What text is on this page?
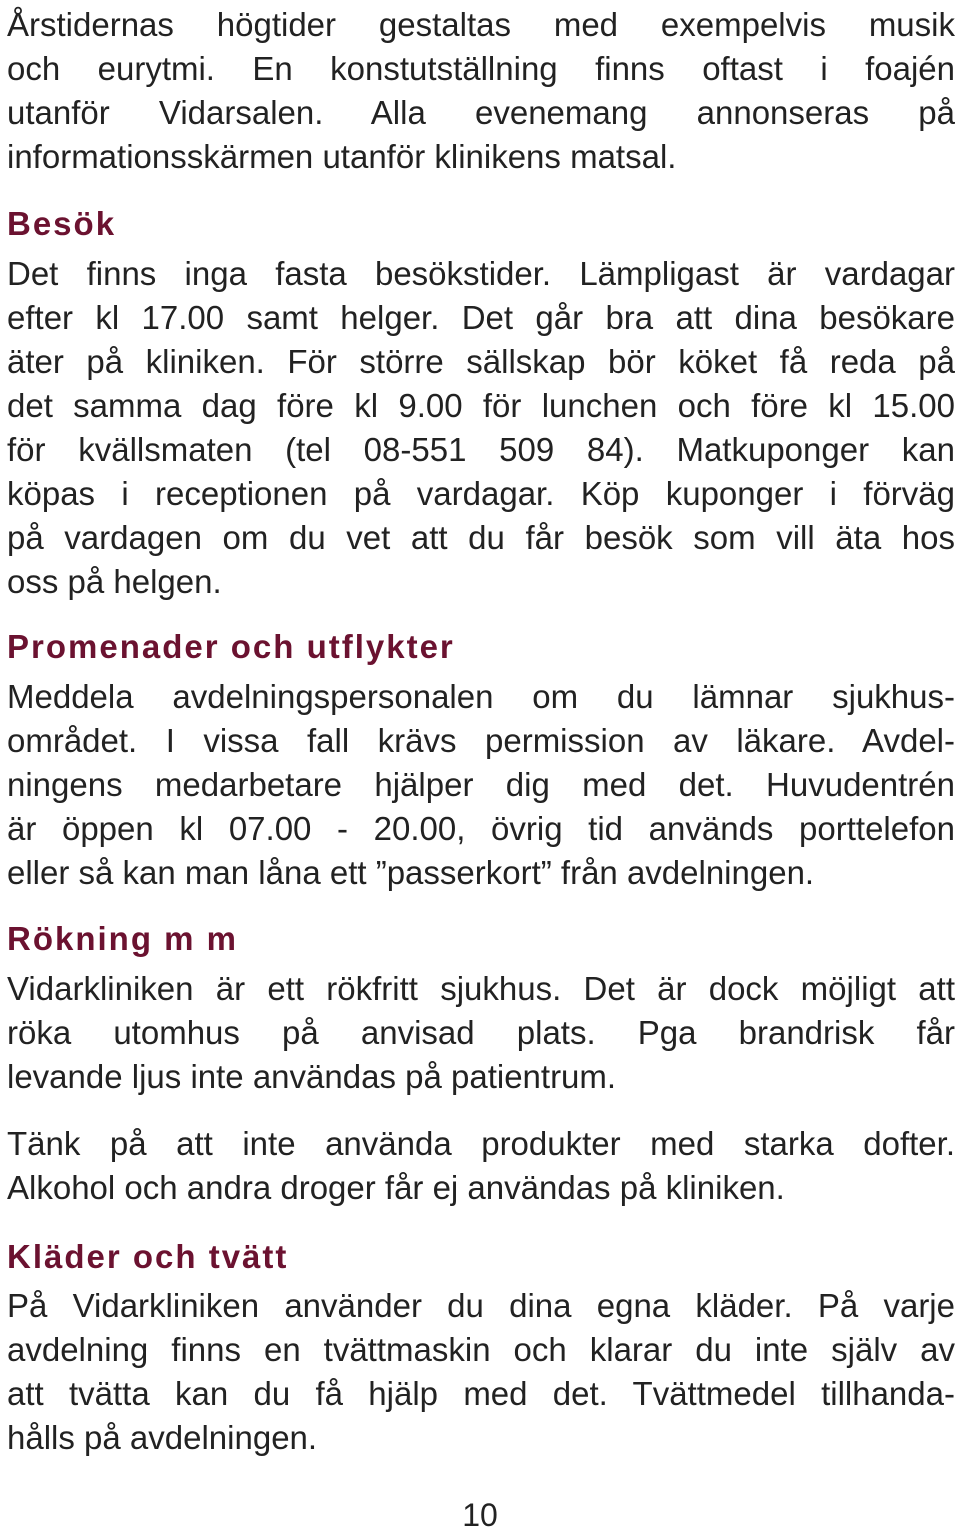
Årstidernas högtider gestaltas med exempelvis musik
och eurytmi. En konstutställning finns oftast i foajén
utanför Vidarsalen. Alla evenemang annonseras på
informationsskärmen utanför klinikens matsal.

Besök

Det finns inga fasta besökstider. Lämpligast är vardagar
efter kl 17.00 samt helger. Det går bra att dina besökare
äter på kliniken. För större sällskap bör köket få reda på
det samma dag före kl 9.00 för lunchen och före kl 15.00
för kvällsmaten (tel 08-551 509 84). Matkuponger kan
köpas i receptionen på vardagar. Köp kuponger i förväg
på vardagen om du vet att du får besök som vill äta hos
oss på helgen.

Promenader och utflykter

Meddela avdelningspersonalen om du lämnar sjukhus-
området. I vissa fall krävs permission av läkare. Avdel-
ningens medarbetare hjälper dig med det. Huvudentrén
är öppen kl 07.00 - 20.00, övrig tid används porttelefon
eller så kan man låna ett ”passerkort” från avdelningen.

Rökning m m

Vidarkliniken är ett rökfritt sjukhus. Det är dock möjligt att
röka utomhus på anvisad plats. Pga brandrisk får
levande ljus inte användas på patientrum.

Tänk på att inte använda produkter med starka dofter.
Alkohol och andra droger får ej användas på kliniken.

Kläder och tvätt

På Vidarkliniken använder du dina egna kläder. På varje
avdelning finns en tvättmaskin och klarar du inte själv av
att tvätta kan du få hjälp med det. Tvättmedel tillhanda-
hålls på avdelningen.

10
